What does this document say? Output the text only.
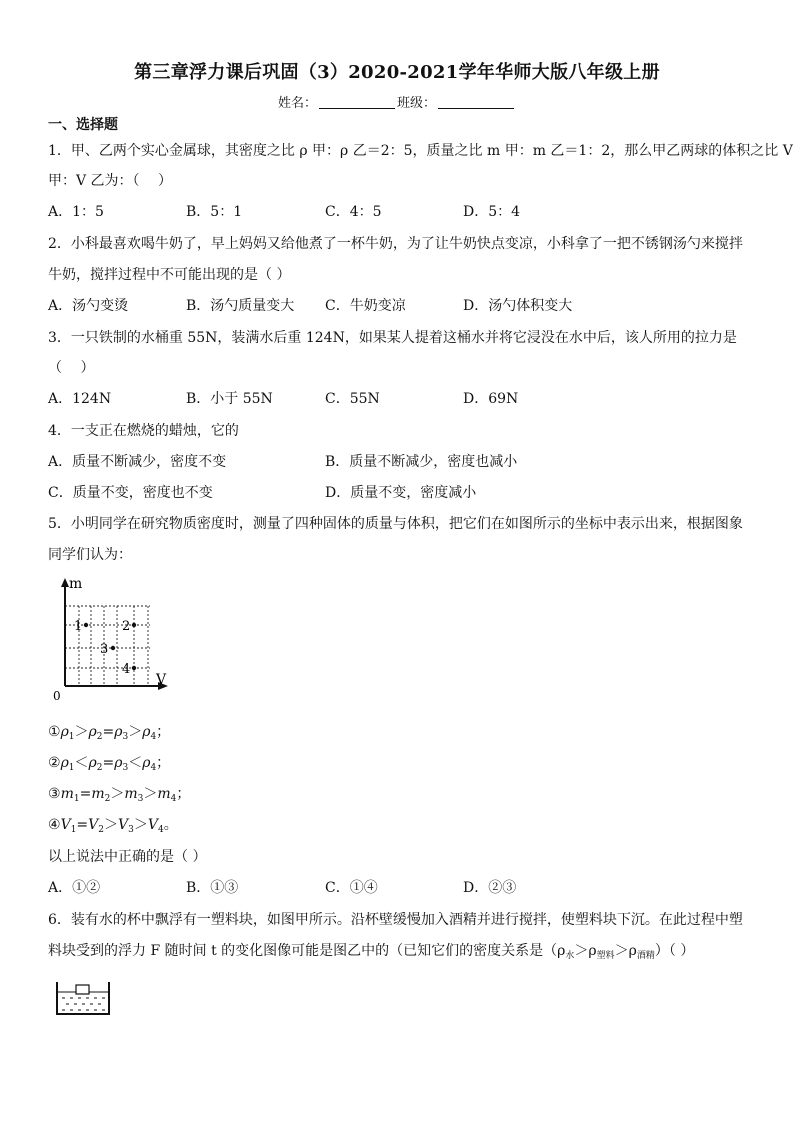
第三章浮力课后巩固（3）2020-2021学年华师大版八年级上册
姓名：	班级：
一、选择题
1．甲、乙两个实心金属球，其密度之比 ρ 甲：ρ 乙＝2：5，质量之比 m 甲：m 乙＝1：2，那么甲乙两球的体积之比 V
甲：V 乙为：（　 ）
A．1：5	B．5：1	C．4：5	D．5：4
2．小科最喜欢喝牛奶了，早上妈妈又给他煮了一杯牛奶，为了让牛奶快点变凉，小科拿了一把不锈钢汤勺来搅拌
牛奶，搅拌过程中不可能出现的是（ ）
A．汤勺变烫	B．汤勺质量变大 C．牛奶变凉	D．汤勺体积变大
3．一只铁制的水桶重 55N，装满水后重 124N，如果某人提着这桶水并将它浸没在水中后，该人所用的拉力是
（　 ）
A．124N	B．小于 55N	C．55N	D．69N
4．一支正在燃烧的蜡烛，它的
A．质量不断减少，密度不变	B．质量不断减少，密度也减小
C．质量不变，密度也不变	D．质量不变，密度减小
5．小明同学在研究物质密度时，测量了四种固体的质量与体积，把它们在如图所示的坐标中表示出来，根据图象
同学们认为：
m
V
0
1	2
3
4
$①\rho_1>\rho_2=\rho_3>\rho_4$；
$②\rho_1<\rho_2=\rho_3<\rho_4$；
$③m_1=m_2>m_3>m_4$；
$④V_1=V_2>V_3>V_4$。
以上说法中正确的是（ ）
A．①②	B．①③	C．①④	D．②③
6．装有水的杯中飘浮有一塑料块，如图甲所示。沿杯壁缓慢加入酒精并进行搅拌，使塑料块下沉。在此过程中塑
料块受到的浮力 F 随时间 t 的变化图像可能是图乙中的（已知它们的密度关系是$(\rho_水>\rho_{塑料}>\rho_{酒精})$（ ）
